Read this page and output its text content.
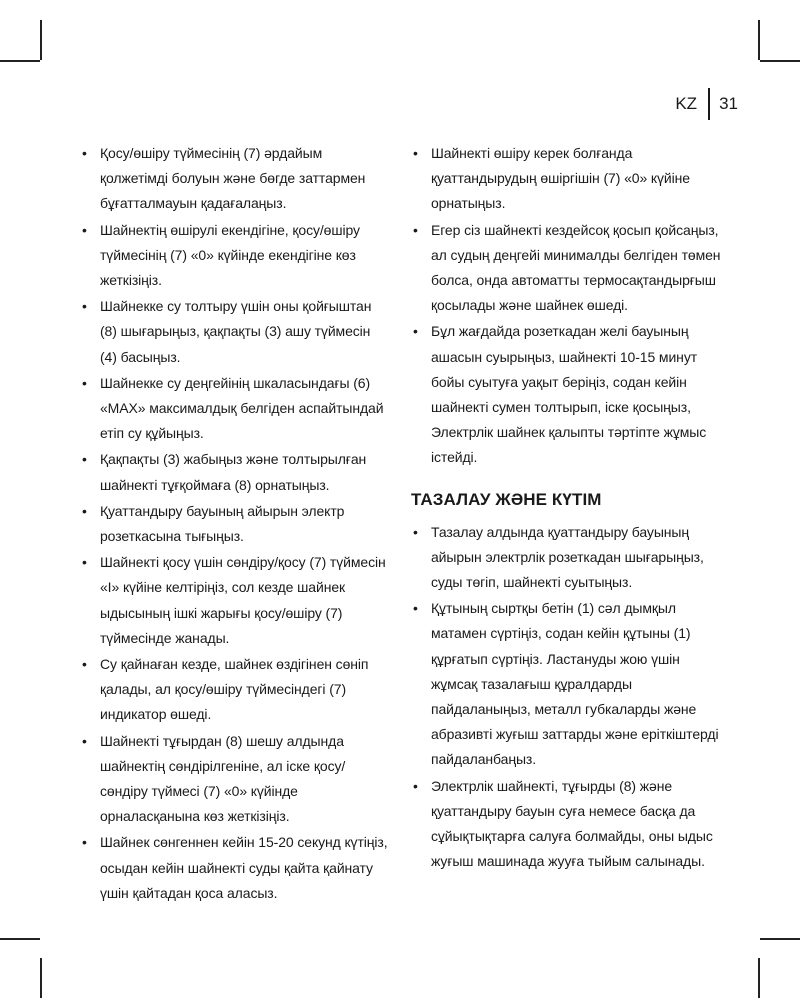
KZ 31
• Қосу/өшіру түймесінің (7) әрдайым қолжетімді болуын және бөгде заттармен бұғатталмауын қадағалаңыз.
• Шайнектің өшірулі екендігіне, қосу/өшіру түймесінің (7) «0» күйінде екендігіне көз жеткізіңіз.
• Шайнекке су толтыру үшін оны қойғыштан (8) шығарыңыз, қақпақты (3) ашу түймесін (4) басыңыз.
• Шайнекке су деңгейінің шкаласындағы (6) «MAX» максималдық белгіден аспайтындай етіп су құйыңыз.
• Қақпақты (3) жабыңыз және толтырылған шайнекті тұғқоймаға (8) орнатыңыз.
• Қуаттандыру бауының айырын электр розеткасына тығыңыз.
• Шайнекті қосу үшін сөндіру/қосу (7) түймесін «I» күйіне келтіріңіз, сол кезде шайнек ыдысының ішкі жарығы қосу/өшіру (7) түймесінде жанады.
• Су қайнаған кезде, шайнек өздігінен сөніп қалады, ал қосу/өшіру түймесіндегі (7) индикатор өшеді.
• Шайнекті тұғырдан (8) шешу алдында шайнектің сөндірілгеніне, ал іске қосу/сөндіру түймесі (7) «0» күйінде орналасқанына көз жеткізіңіз.
• Шайнек сөнгеннен кейін 15-20 секунд күтіңіз, осыдан кейін шайнекті суды қайта қайнату үшін қайтадан қоса аласыз.
• Шайнекті өшіру керек болғанда қуаттандырудың өшіргішін (7) «0» күйіне орнатыңыз.
• Егер сіз шайнекті кездейсоқ қосып қойсаңыз, ал судың деңгейі минималды белгіден төмен болса, онда автоматты термосақтандырғыш қосылады және шайнек өшеді.
• Бұл жағдайда розеткадан желі бауының ашасын суырыңыз, шайнекті 10-15 минут бойы суытуға уақыт беріңіз, содан кейін шайнекті сумен толтырып, іске қосыңыз, Электрлік шайнек қалыпты тәртіпте жұмыс істейді.
ТАЗАЛАУ ЖӘНЕ КҮТІМ
• Тазалау алдында қуаттандыру бауының айырын электрлік розеткадан шығарыңыз, суды төгіп, шайнекті суытыңыз.
• Құтының сыртқы бетін (1) сәл дымқыл матамен сүртіңіз, содан кейін құтыны (1) құрғатып сүртіңіз. Ластануды жою үшін жұмсақ тазалағыш құралдарды пайдаланыңыз, металл губкаларды және абразивті жуғыш заттарды және еріткіштерді пайдаланбаңыз.
• Электрлік шайнекті, тұғырды (8) және қуаттандыру бауын суға немесе басқа да сұйықтықтарға салуға болмайды, оны ыдыс жуғыш машинада жууға тыйым салынады.
